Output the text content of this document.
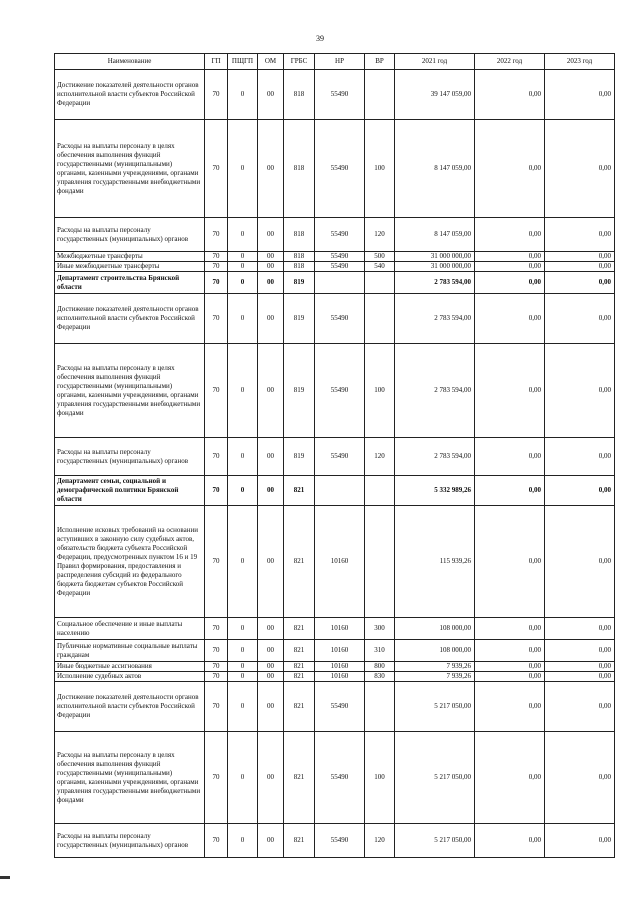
39
Наименование	ГП	ПЩГП	ОМ	ГРБС	НР	ВР	2021 год	2022 год	2023 год
Достижение показателей деятельности органов исполнительной власти субъектов Российской Федерации	70	0	00	818	55490		39 147 059,00	0,00	0,00
Расходы на выплаты персоналу в целях обеспечения выполнения функций государственными (муниципальными) органами, казенными учреждениями, органами управления государственными внебюджетными фондами	70	0	00	818	55490	100	8 147 059,00	0,00	0,00
Расходы на выплаты персоналу государственных (муниципальных) органов	70	0	00	818	55490	120	8 147 059,00	0,00	0,00
Межбюджетные трансферты	70	0	00	818	55490	500	31 000 000,00	0,00	0,00
Иные межбюджетные трансферты	70	0	00	818	55490	540	31 000 000,00	0,00	0,00
Департамент строительства Брянской области	70	0	00	819			2 783 594,00	0,00	0,00
Достижение показателей деятельности органов исполнительной власти субъектов Российской Федерации	70	0	00	819	55490		2 783 594,00	0,00	0,00
Расходы на выплаты персоналу в целях обеспечения выполнения функций государственными (муниципальными) органами, казенными учреждениями, органами управления государственными внебюджетными фондами	70	0	00	819	55490	100	2 783 594,00	0,00	0,00
Расходы на выплаты персоналу государственных (муниципальных) органов	70	0	00	819	55490	120	2 783 594,00	0,00	0,00
Департамент семьи, социальной и демографической политики Брянской области	70	0	00	821			5 332 989,26	0,00	0,00
Исполнение исковых требований на основании вступивших в законную силу судебных актов, обязательств бюджета субъекта Российской Федерации, предусмотренных пунктом 16 и 19 Правил формирования, предоставления и распределения субсидий из федерального бюджета бюджетам субъектов Российской Федерации	70	0	00	821	10160		115 939,26	0,00	0,00
Социальное обеспечение и иные выплаты населению	70	0	00	821	10160	300	108 000,00	0,00	0,00
Публичные нормативные социальные выплаты гражданам	70	0	00	821	10160	310	108 000,00	0,00	0,00
Иные бюджетные ассигнования	70	0	00	821	10160	800	7 939,26	0,00	0,00
Исполнение судебных актов	70	0	00	821	10160	830	7 939,26	0,00	0,00
Достижение показателей деятельности органов исполнительной власти субъектов Российской Федерации	70	0	00	821	55490		5 217 050,00	0,00	0,00
Расходы на выплаты персоналу в целях обеспечения выполнения функций государственными (муниципальными) органами, казенными учреждениями, органами управления государственными внебюджетными фондами	70	0	00	821	55490	100	5 217 050,00	0,00	0,00
Расходы на выплаты персоналу государственных (муниципальных) органов	70	0	00	821	55490	120	5 217 050,00	0,00	0,00
